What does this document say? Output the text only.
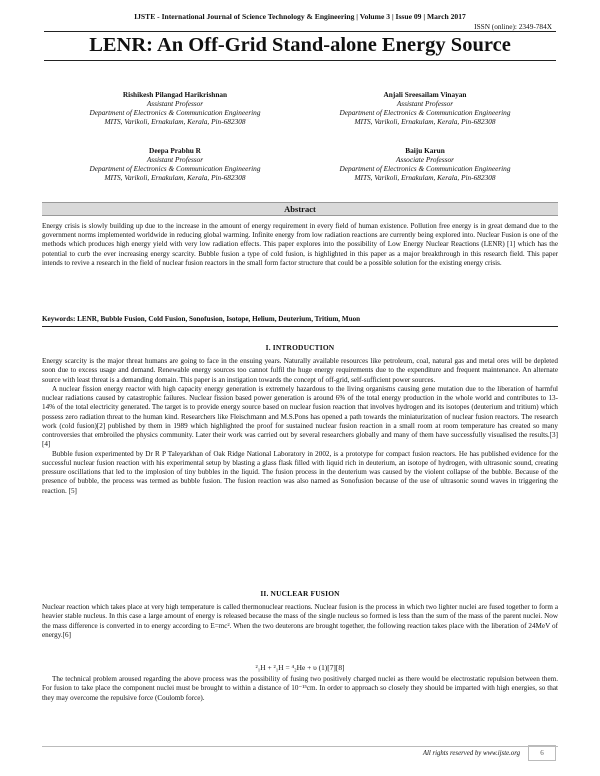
IJSTE - International Journal of Science Technology & Engineering | Volume 3 | Issue 09 | March 2017
ISSN (online): 2349-784X
LENR: An Off-Grid Stand-alone Energy Source
Rishikesh Pilangad Harikrishnan
Assistant Professor
Department of Electronics & Communication Engineering
MITS, Varikoli, Ernakulam, Kerala, Pin-682308
Anjali Sreesailam Vinayan
Assistant Professor
Department of Electronics & Communication Engineering
MITS, Varikoli, Ernakulam, Kerala, Pin-682308
Deepa Prabhu R
Assistant Professor
Department of Electronics & Communication Engineering
MITS, Varikoli, Ernakulam, Kerala, Pin-682308
Baiju Karun
Associate Professor
Department of Electronics & Communication Engineering
MITS, Varikoli, Ernakulam, Kerala, Pin-682308
Abstract
Energy crisis is slowly building up due to the increase in the amount of energy requirement in every field of human existence. Pollution free energy is in great demand due to the government norms implemented worldwide in reducing global warming. Infinite energy from low radiation reactions are currently being explored into. Nuclear Fusion is one of the methods which produces high energy yield with very low radiation effects. This paper explores into the possibility of Low Energy Nuclear Reactions (LENR) [1] which has the potential to curb the ever increasing energy scarcity. Bubble fusion a type of cold fusion, is highlighted in this paper as a major breakthrough in this research field. This paper intends to revive a research in the field of nuclear fusion reactors in the small form factor structure that could be a possible solution for the existing energy crisis.
Keywords: LENR, Bubble Fusion, Cold Fusion, Sonofusion, Isotope, Helium, Deuterium, Tritium, Muon
I. INTRODUCTION

Energy scarcity is the major threat humans are going to face in the ensuing years. Naturally available resources like petroleum, coal, natural gas and metal ores will be depleted soon due to excess usage and demand. Renewable energy sources too cannot fulfil the huge energy requirements due to the expenditure and frequent maintenance. An alternate source with least threat is a demanding domain. This paper is an instigation towards the concept of off-grid, self-sufficient power sources.

A nuclear fission energy reactor with high capacity energy generation is extremely hazardous to the living organisms causing gene mutation due to the liberation of harmful nuclear radiations caused by catastrophic failures. Nuclear fission based power generation is around 6% of the total energy production in the whole world and contributes to 13-14% of the total electricity generated. The target is to provide energy source based on nuclear fusion reaction that involves hydrogen and its isotopes (deuterium and tritium) which possess zero radiation threat to the human kind. Researchers like Fleischmann and M.S.Pons has opened a path towards the miniaturization of nuclear fusion reactors. The research work (cold fusion)[2] published by them in 1989 which highlighted the proof for sustained nuclear fusion reaction in a small room at room temperature has created so many controversies that embroiled the physics community. Later their work was carried out by several researchers globally and many of them have successfully visualised the results.[3][4]

Bubble fusion experimented by Dr R P Taleyarkhan of Oak Ridge National Laboratory in 2002, is a prototype for compact fusion reactors. He has published evidence for the successful nuclear fusion reaction with his experimental setup by blasting a glass flask filled with liquid rich in deuterium, an isotope of hydrogen, with ultrasonic sound, creating pressure oscillations that led to the implosion of tiny bubbles in the liquid. The fusion process in the deuterium was caused by the violent collapse of the bubble. Because of the presence of bubble, the process was termed as bubble fusion. The fusion reaction was also named as Sonofusion because of the use of ultrasonic sound waves in triggering the reaction. [5]

II. NUCLEAR FUSION

Nuclear reaction which takes place at very high temperature is called thermonuclear reactions. Nuclear fusion is the process in which two lighter nuclei are fused together to form a heavier stable nucleus. In this case a large amount of energy is released because the mass of the single nucleus so formed is less than the sum of the mass of the parent nuclei. Now the mass difference is converted in to energy according to E=mc². When the two deuterons are brought together, the following reaction takes place with the liberation of 24MeV of energy.[6]

²₁H + ²₁H = ⁴₂He + υ (1)[7][8]

The technical problem aroused regarding the above process was the possibility of fusing two positively charged nuclei as there would be electrostatic repulsion between them. For fusion to take place the component nuclei must be brought to within a distance of 10⁻¹⁵cm. In order to approach so closely they should be imparted with high energies, so that they may overcome the repulsive force (Coulomb force).

All rights reserved by www.ijste.org	6
